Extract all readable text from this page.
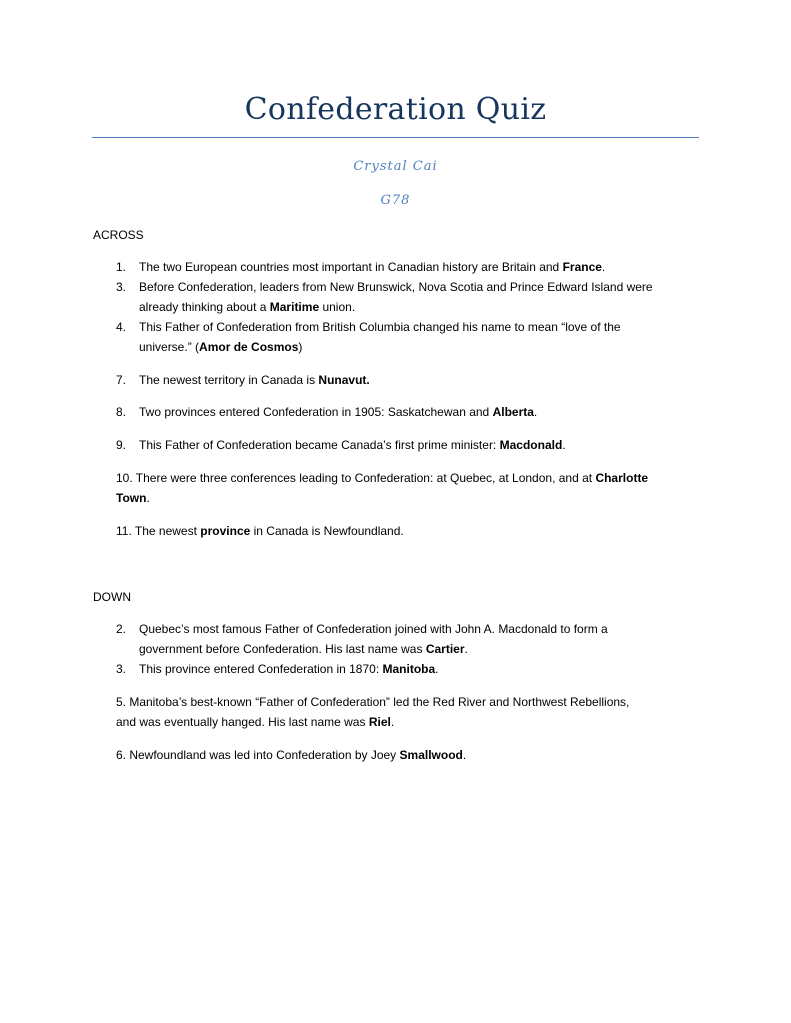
Confederation Quiz
Crystal Cai
G78
ACROSS
1. The two European countries most important in Canadian history are Britain and France.
3. Before Confederation, leaders from New Brunswick, Nova Scotia and Prince Edward Island were
already thinking about a Maritime union.
4. This Father of Confederation from British Columbia changed his name to mean “love of the
universe.” (Amor de Cosmos)
7. The newest territory in Canada is Nunavut.
8. Two provinces entered Confederation in 1905: Saskatchewan and Alberta.
9. This Father of Confederation became Canada’s first prime minister: Macdonald.
10. There were three conferences leading to Confederation: at Quebec, at London, and at Charlotte
Town.
11. The newest province in Canada is Newfoundland.
DOWN
2. Quebec’s most famous Father of Confederation joined with John A. Macdonald to form a
government before Confederation. His last name was Cartier.
3. This province entered Confederation in 1870: Manitoba.
5. Manitoba’s best-known “Father of Confederation” led the Red River and Northwest Rebellions,
and was eventually hanged. His last name was Riel.
6. Newfoundland was led into Confederation by Joey Smallwood.
